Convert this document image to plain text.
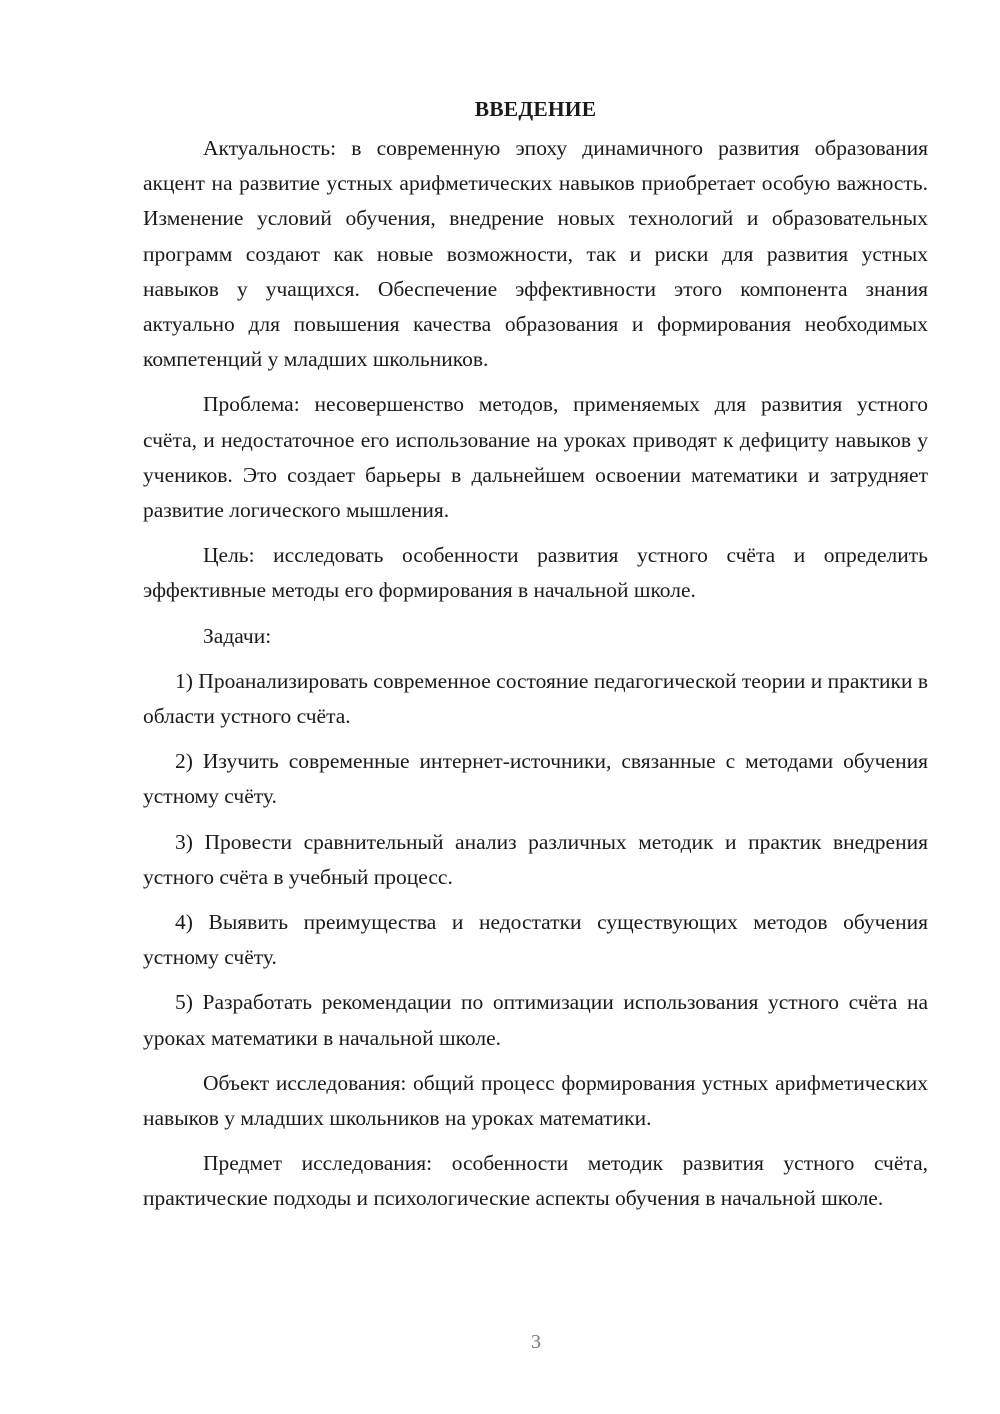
ВВЕДЕНИЕ

Актуальность: в современную эпоху динамичного развития образования акцент на развитие устных арифметических навыков приобретает особую важность. Изменение условий обучения, внедрение новых технологий и образовательных программ создают как новые возможности, так и риски для развития устных навыков у учащихся. Обеспечение эффективности этого компонента знания актуально для повышения качества образования и формирования необходимых компетенций у младших школьников.

Проблема: несовершенство методов, применяемых для развития устного счёта, и недостаточное его использование на уроках приводят к дефициту навыков у учеников. Это создает барьеры в дальнейшем освоении математики и затрудняет развитие логического мышления.

Цель: исследовать особенности развития устного счёта и определить эффективные методы его формирования в начальной школе.

Задачи:

1) Проанализировать современное состояние педагогической теории и практики в области устного счёта.

2) Изучить современные интернет-источники, связанные с методами обучения устному счёту.

3) Провести сравнительный анализ различных методик и практик внедрения устного счёта в учебный процесс.

4) Выявить преимущества и недостатки существующих методов обучения устному счёту.

5) Разработать рекомендации по оптимизации использования устного счёта на уроках математики в начальной школе.

Объект исследования: общий процесс формирования устных арифметических навыков у младших школьников на уроках математики.

Предмет исследования: особенности методик развития устного счёта, практические подходы и психологические аспекты обучения в начальной школе.

3
